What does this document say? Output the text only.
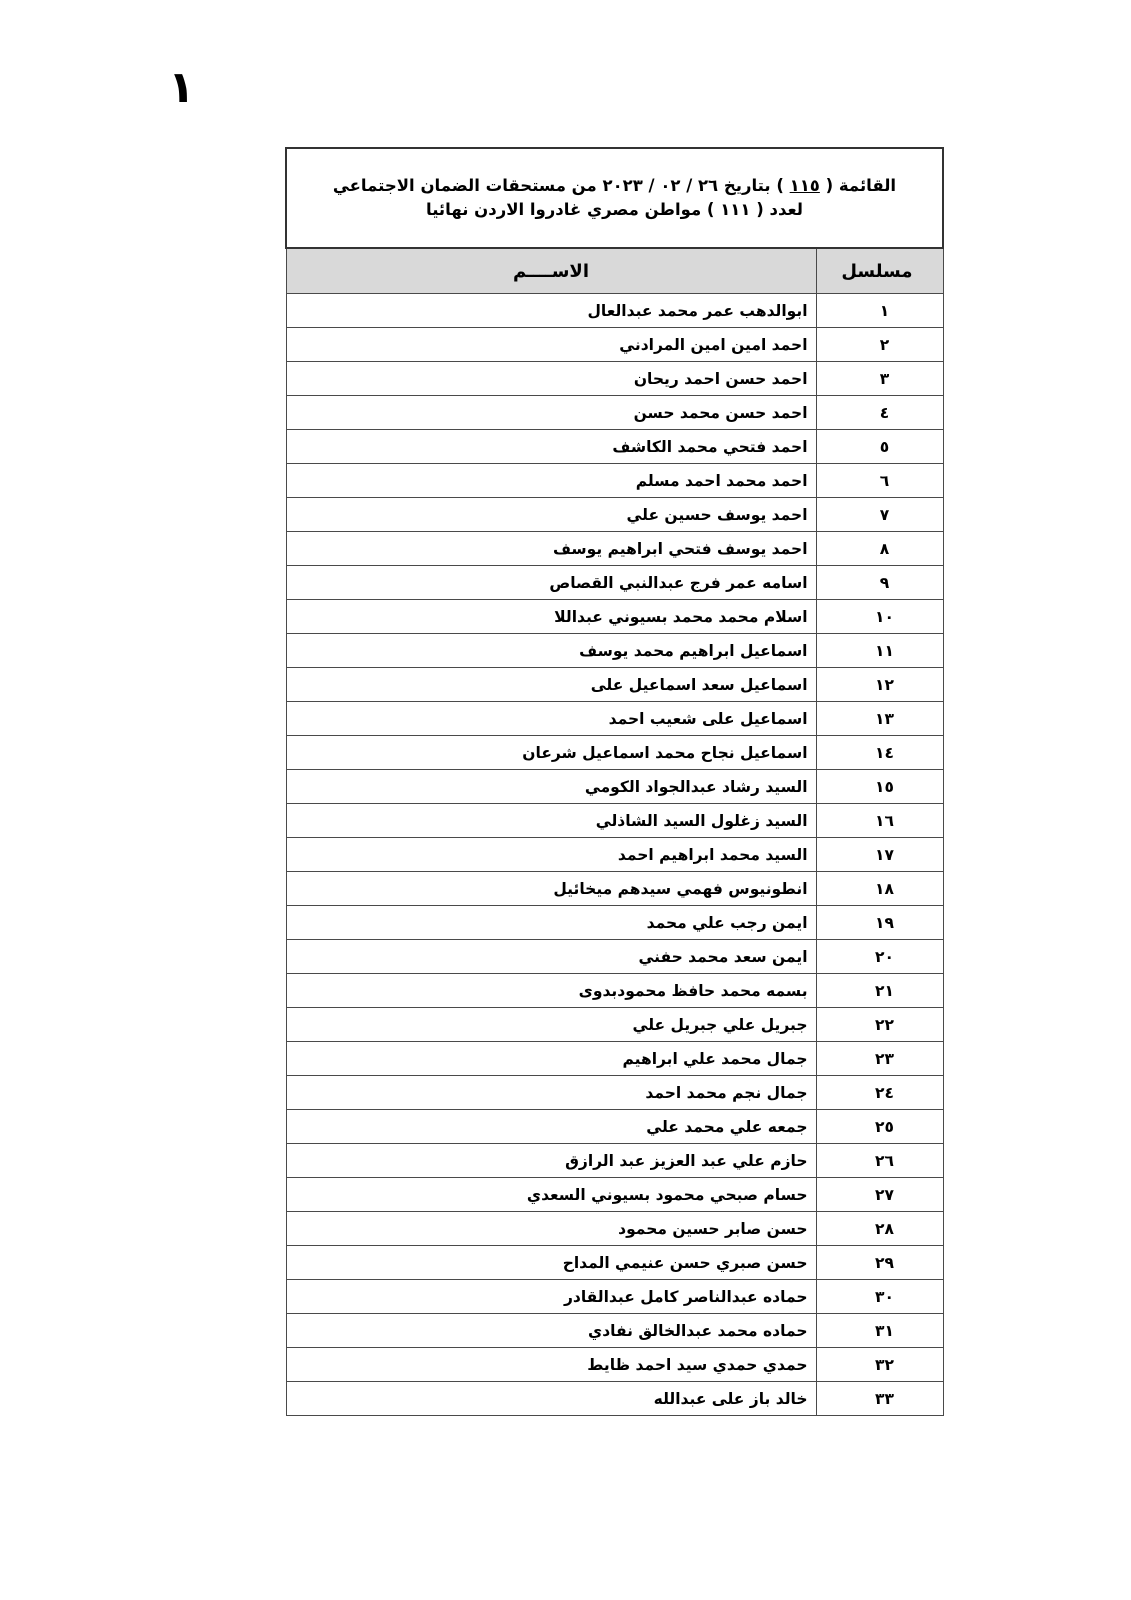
١
القائمة ( ١١٥ ) بتاريخ ٢٦ / ٠٢ / ٢٠٢٣ من مستحقات الضمان الاجتماعي
لعدد ( ١١١ ) مواطن مصري غادروا الاردن نهائيا	

مسلسل	الاســــم
١	ابوالدهب عمر محمد عبدالعال
٢	احمد امين امين المرادني
٣	احمد حسن احمد ريحان
٤	احمد حسن محمد حسن
٥	احمد فتحي محمد الكاشف
٦	احمد محمد احمد مسلم
٧	احمد يوسف حسين علي
٨	احمد يوسف فتحي ابراهيم يوسف
٩	اسامه عمر فرج عبدالنبي القصاص
١٠	اسلام محمد محمد بسيوني عبداللا
١١	اسماعيل ابراهيم محمد يوسف
١٢	اسماعيل سعد اسماعيل على
١٣	اسماعيل على شعيب احمد
١٤	اسماعيل نجاح محمد اسماعيل شرعان
١٥	السيد رشاد عبدالجواد الكومي
١٦	السيد زغلول السيد الشاذلي
١٧	السيد محمد ابراهيم احمد
١٨	انطونيوس فهمي سيدهم ميخائيل
١٩	ايمن رجب علي محمد
٢٠	ايمن سعد محمد حفني
٢١	بسمه محمد حافظ محمودبدوى
٢٢	جبريل علي جبريل علي
٢٣	جمال محمد علي ابراهيم
٢٤	جمال نجم محمد احمد
٢٥	جمعه علي محمد علي
٢٦	حازم علي عبد العزيز عبد الرازق
٢٧	حسام صبحي محمود بسيوني السعدي
٢٨	حسن صابر حسين محمود
٢٩	حسن صبري حسن عنيمي المداح
٣٠	حماده عبدالناصر كامل عبدالقادر
٣١	حماده محمد عبدالخالق نفادي
٣٢	حمدي حمدي سيد احمد ظايط
٣٣	خالد باز على عبدالله
